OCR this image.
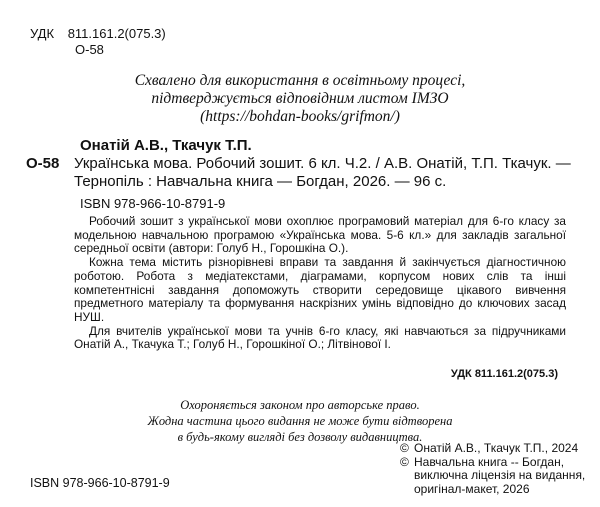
УДК 811.161.2(075.3)
О-58
Схвалено для використання в освітньому процесі,
підтверджується відповідним листом ІМЗО
(https://bohdan-books/grifmon/)
Онатій А.В., Ткачук Т.П.
О-58 Українська мова. Робочий зошит. 6 кл. Ч.2. / А.В. Онатій, Т.П. Ткачук. — Тернопіль : Навчальна книга — Богдан, 2026. — 96 с.
ISBN 978-966-10-8791-9

Робочий зошит з української мови охоплює програмовий матеріал для 6-го класу за модельною навчальною програмою «Українська мова. 5-6 кл.» для закладів загальної середньої освіти (автори: Голуб Н., Горошкіна О.).

Кожна тема містить різнорівневі вправи та завдання й закінчується діагностичною роботою. Робота з медіатекстами, діаграмами, корпусом нових слів та інші компетентнісні завдання допоможуть створити середовище цікавого вивчення предметного матеріалу та формування наскрізних умінь відповідно до ключових засад НУШ.

Для вчителів української мови та учнів 6-го класу, які навчаються за підручниками Онатій А., Ткачука Т.; Голуб Н., Горошкіної О.; Літвінової І.

УДК 811.161.2(075.3)
Охороняється законом про авторське право.
Жодна частина цього видання не може бути відтворена
в будь-якому вигляді без дозволу видавництва.
ISBN 978-966-10-8791-9
© Онатій А.В., Ткачук Т.П., 2024
© Навчальна книга -- Богдан,
виключна ліцензія на видання,
оригінал-макет, 2026
